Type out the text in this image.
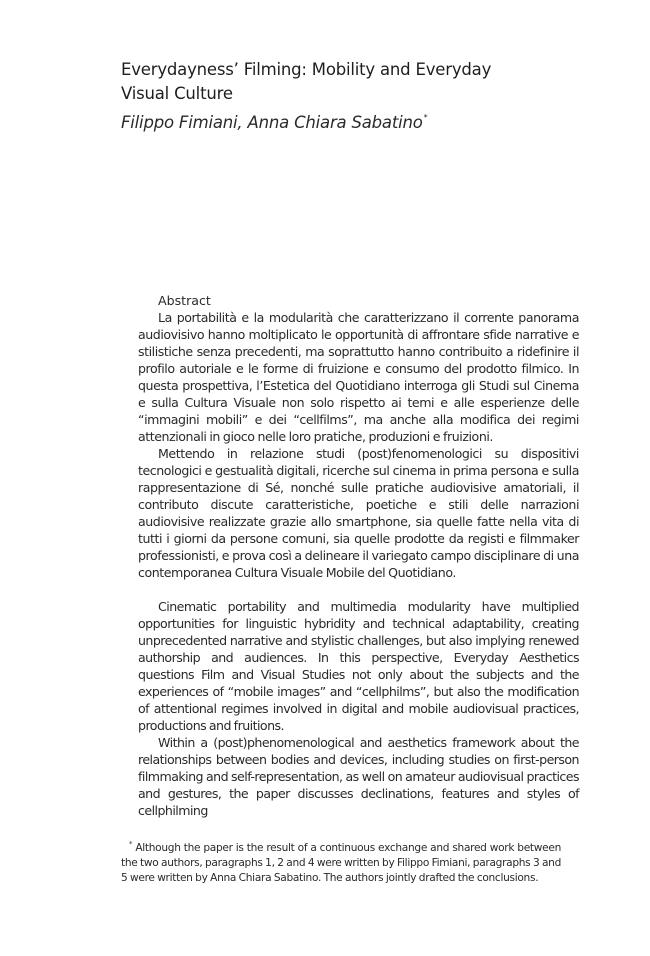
Everydayness’ Filming: Mobility and Everyday
Visual Culture

Filippo Fimiani, Anna Chiara Sabatino*

Abstract

La portabilità e la modularità che caratterizzano il corrente panorama audiovisivo hanno moltiplicato le opportunità di affrontare sfide narrative e stilistiche senza precedenti, ma soprattutto hanno contribuito a ridefinire il profilo autoriale e le forme di fruizione e consumo del prodotto filmico. In questa prospettiva, l’Estetica del Quotidiano interroga gli Studi sul Cinema e sulla Cultura Visuale non solo rispetto ai temi e alle esperienze delle “immagini mobili” e dei “cellfilms”, ma anche alla modifica dei regimi attenzionali in gioco nelle loro pratiche, produzioni e fruizioni.

Mettendo in relazione studi (post)fenomenologici su dispositivi tecnologici e gestualità digitali, ricerche sul cinema in prima persona e sulla rappresentazione di Sé, nonché sulle pratiche audiovisive amatoriali, il contributo discute caratteristiche, poetiche e stili delle narrazioni audiovisive realizzate grazie allo smartphone, sia quelle fatte nella vita di tutti i giorni da persone comuni, sia quelle prodotte da registi e filmmaker professionisti, e prova così a delineare il variegato campo disciplinare di una contemporanea Cultura Visuale Mobile del Quotidiano.

Cinematic portability and multimedia modularity have multiplied opportunities for linguistic hybridity and technical adaptability, creating unprecedented narrative and stylistic challenges, but also implying renewed authorship and audiences. In this perspective, Everyday Aesthetics questions Film and Visual Studies not only about the subjects and the experiences of “mobile images” and “cellphilms”, but also the modification of attentional regimes involved in digital and mobile audiovisual practices, productions and fruitions.

Within a (post)phenomenological and aesthetics framework about the relationships between bodies and devices, including studies on first-person filmmaking and self-representation, as well on amateur audiovisual practices and gestures, the paper discusses declinations, features and styles of cellphilming

* Although the paper is the result of a continuous exchange and shared work between the two authors, paragraphs 1, 2 and 4 were written by Filippo Fimiani, paragraphs 3 and 5 were written by Anna Chiara Sabatino. The authors jointly drafted the conclusions.
